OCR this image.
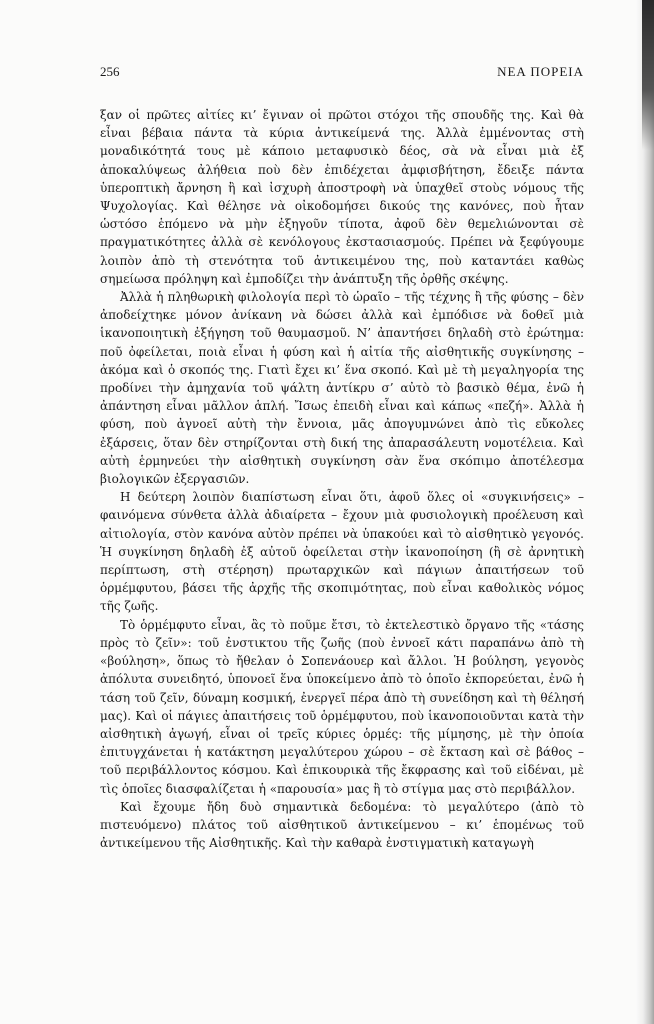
256	ΝΕΑ ΠΟΡΕΙΑ

ξαν οἱ πρῶτες αἰτίες κι’ ἔγιναν οἱ πρῶτοι στόχοι τῆς σπουδῆς της. Καὶ θὰ εἶναι βέβαια πάντα τὰ κύρια ἀντικείμενά της. Ἀλλὰ ἐμμένοντας στὴ μοναδικότητά τους μὲ κάποιο μεταφυσικὸ δέος, σὰ νὰ εἶναι μιὰ ἐξ ἀποκαλύψεως ἀλήθεια ποὺ δὲν ἐπιδέχεται ἀμφισβήτηση, ἔδειξε πάντα ὑπεροπτικὴ ἄρνηση ἢ καὶ ἰσχυρὴ ἀποστροφὴ νὰ ὑπαχθεῖ στοὺς νόμους τῆς Ψυχολογίας. Καὶ θέλησε νὰ οἰκοδομήσει δικούς της κανόνες, ποὺ ἦταν ὡστόσο ἑπόμενο νὰ μὴν ἐξηγοῦν τίποτα, ἀφοῦ δὲν θεμελιώνονται σὲ πραγματικότητες ἀλλὰ σὲ κενόλογους ἐκστασιασμούς. Πρέπει νὰ ξεφύγουμε λοιπὸν ἀπὸ τὴ στενότητα τοῦ ἀντικειμένου της, ποὺ καταντάει καθὼς σημείωσα πρόληψη καὶ ἐμποδίζει τὴν ἀνάπτυξη τῆς ὀρθῆς σκέψης.

Ἀλλὰ ἡ πληθωρικὴ φιλολογία περὶ τὸ ὡραῖο – τῆς τέχνης ἢ τῆς φύσης – δὲν ἀποδείχτηκε μόνον ἀνίκανη νὰ δώσει ἀλλὰ καὶ ἐμπόδισε νὰ δοθεῖ μιὰ ἱκανοποιητικὴ ἐξήγηση τοῦ θαυμασμοῦ. Ν’ ἀπαντήσει δηλαδὴ στὸ ἐρώτημα: ποῦ ὀφείλεται, ποιὰ εἶναι ἡ φύση καὶ ἡ αἰτία τῆς αἰσθητικῆς συγκίνησης – ἀκόμα καὶ ὁ σκοπός της. Γιατὶ ἔχει κι’ ἕνα σκοπό. Καὶ μὲ τὴ μεγαληγορία της προδίνει τὴν ἀμηχανία τοῦ ψάλτη ἀντίκρυ σ’ αὐτὸ τὸ βασικὸ θέμα, ἐνῶ ἡ ἀπάντηση εἶναι μᾶλλον ἁπλή. Ἴσως ἐπειδὴ εἶναι καὶ κάπως «πεζή». Ἀλλὰ ἡ φύση, ποὺ ἀγνοεῖ αὐτὴ τὴν ἔννοια, μᾶς ἀπογυμνώνει ἀπὸ τὶς εὔκολες ἐξάρσεις, ὅταν δὲν στηρίζονται στὴ δική της ἀπαρασάλευτη νομοτέλεια. Καὶ αὐτὴ ἑρμηνεύει τὴν αἰσθητικὴ συγκίνηση σὰν ἕνα σκόπιμο ἀποτέλεσμα βιολογικῶν ἐξεργασιῶν.

Η δεύτερη λοιπὸν διαπίστωση εἶναι ὅτι, ἀφοῦ ὅλες οἱ «συγκινήσεις» – φαινόμενα σύνθετα ἀλλὰ ἀδιαίρετα – ἔχουν μιὰ φυσιολογικὴ προέλευση καὶ αἰτιολογία, στὸν κανόνα αὐτὸν πρέπει νὰ ὑπακούει καὶ τὸ αἰσθητικὸ γεγονός. Ἡ συγκίνηση δηλαδὴ ἐξ αὐτοῦ ὀφείλεται στὴν ἱκανοποίηση (ἢ σὲ ἀρνητικὴ περίπτωση, στὴ στέρηση) πρωταρχικῶν καὶ πάγιων ἀπαιτήσεων τοῦ ὁρμέμφυτου, βάσει τῆς ἀρχῆς τῆς σκοπιμότητας, ποὺ εἶναι καθολικὸς νόμος τῆς ζωῆς.

Τὸ ὁρμέμφυτο εἶναι, ἂς τὸ ποῦμε ἔτσι, τὸ ἐκτελεστικὸ ὄργανο τῆς «τάσης πρὸς τὸ ζεῖν»: τοῦ ἐνστικτου τῆς ζωῆς (ποὺ ἐννοεῖ κάτι παραπάνω ἀπὸ τὴ «βούληση», ὅπως τὸ ἤθελαν ὁ Σοπενάουερ καὶ ἄλλοι. Ἡ βούληση, γεγονὸς ἀπόλυτα συνειδητό, ὑπονοεῖ ἕνα ὑποκείμενο ἀπὸ τὸ ὁποῖο ἐκπορεύεται, ἐνῶ ἡ τάση τοῦ ζεῖν, δύναμη κοσμική, ἐνεργεῖ πέρα ἀπὸ τὴ συνείδηση καὶ τὴ θέλησή μας). Καὶ οἱ πάγιες ἀπαιτήσεις τοῦ ὁρμέμφυτου, ποὺ ἱκανοποιοῦνται κατὰ τὴν αἰσθητικὴ ἀγωγή, εἶναι οἱ τρεῖς κύριες ὁρμές: τῆς μίμησης, μὲ τὴν ὁποία ἐπιτυγχάνεται ἡ κατάκτηση μεγαλύτερου χώρου – σὲ ἔκταση καὶ σὲ βάθος – τοῦ περιβάλλοντος κόσμου. Καὶ ἐπικουρικὰ τῆς ἔκφρασης καὶ τοῦ εἰδέναι, μὲ τὶς ὁποῖες διασφαλίζεται ἡ «παρουσία» μας ἢ τὸ στίγμα μας στὸ περιβάλλον.

Καὶ ἔχουμε ἤδη δυὸ σημαντικὰ δεδομένα: τὸ μεγαλύτερο (ἀπὸ τὸ πιστευόμενο) πλάτος τοῦ αἰσθητικοῦ ἀντικείμενου – κι’ ἑπομένως τοῦ ἀντικείμενου τῆς Αἰσθητικῆς. Καὶ τὴν καθαρὰ ἐνστιγματικὴ καταγωγὴ
